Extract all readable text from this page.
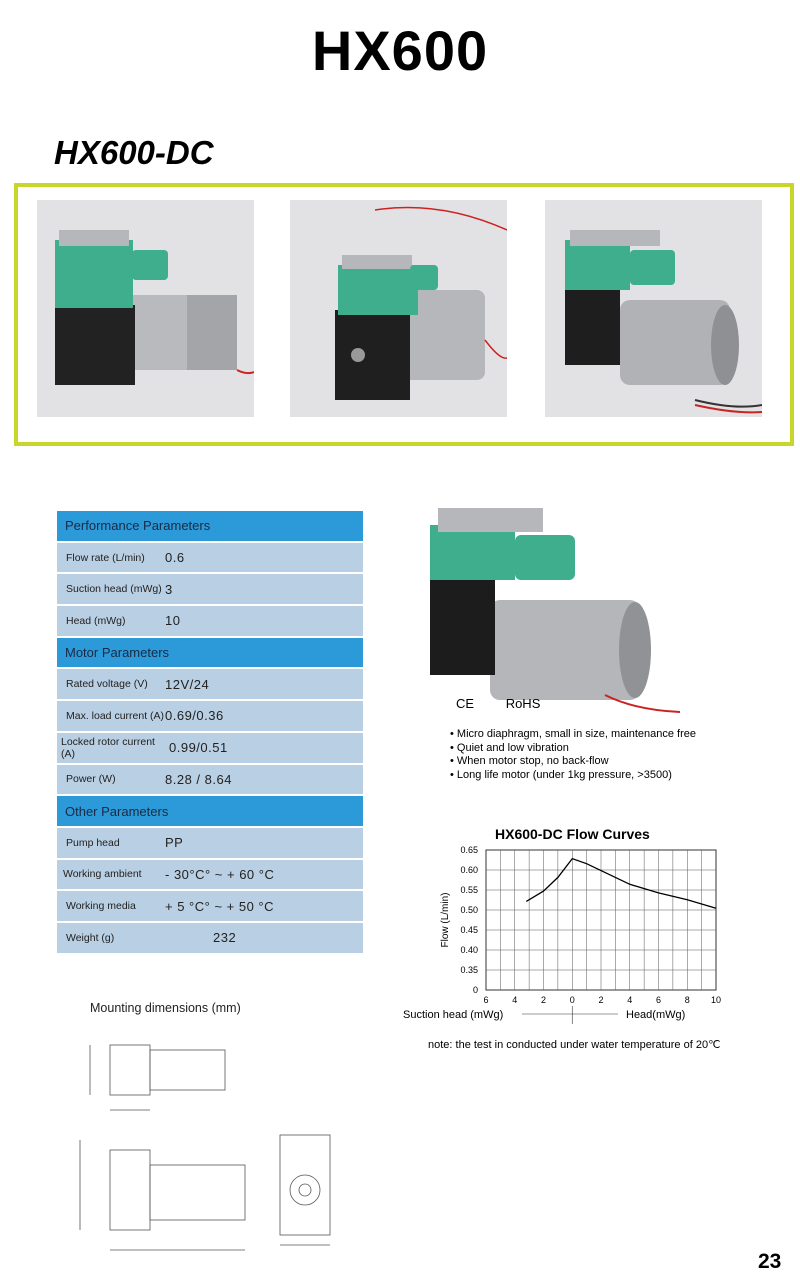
HX600
HX600-DC
Performance Parameters
Flow rate (L/min)	0.6
Suction head (mWg) 3
Head (mWg)	10
Motor Parameters
Rated voltage (V)	12V/24
Max. load current (A) 0.69/0.36
Locked rotor current (A)	0.99/0.51
Power (W)	8.28 / 8.64
Other Parameters
Pump head	PP
Working ambient	- 30°C° ~ + 60 °C
Working media	+ 5 °C° ~ + 50 °C
Weight (g)	232
CE RoHS
• Micro diaphragm, small in size, maintenance free
• Quiet and low vibration
• When motor stop, no back-flow
• Long life motor (under 1kg pressure, >3500)
HX600-DC Flow Curves
0.65
0.60
0.55
0.50
0.45
0.40
0.35
0
6	4	2	0	2	4	6	8 10
Flow (L/min)
Suction head (mWg)	Head(mWg)
note: the test in conducted under water temperature of 20℃
Mounting dimensions (mm)
23
